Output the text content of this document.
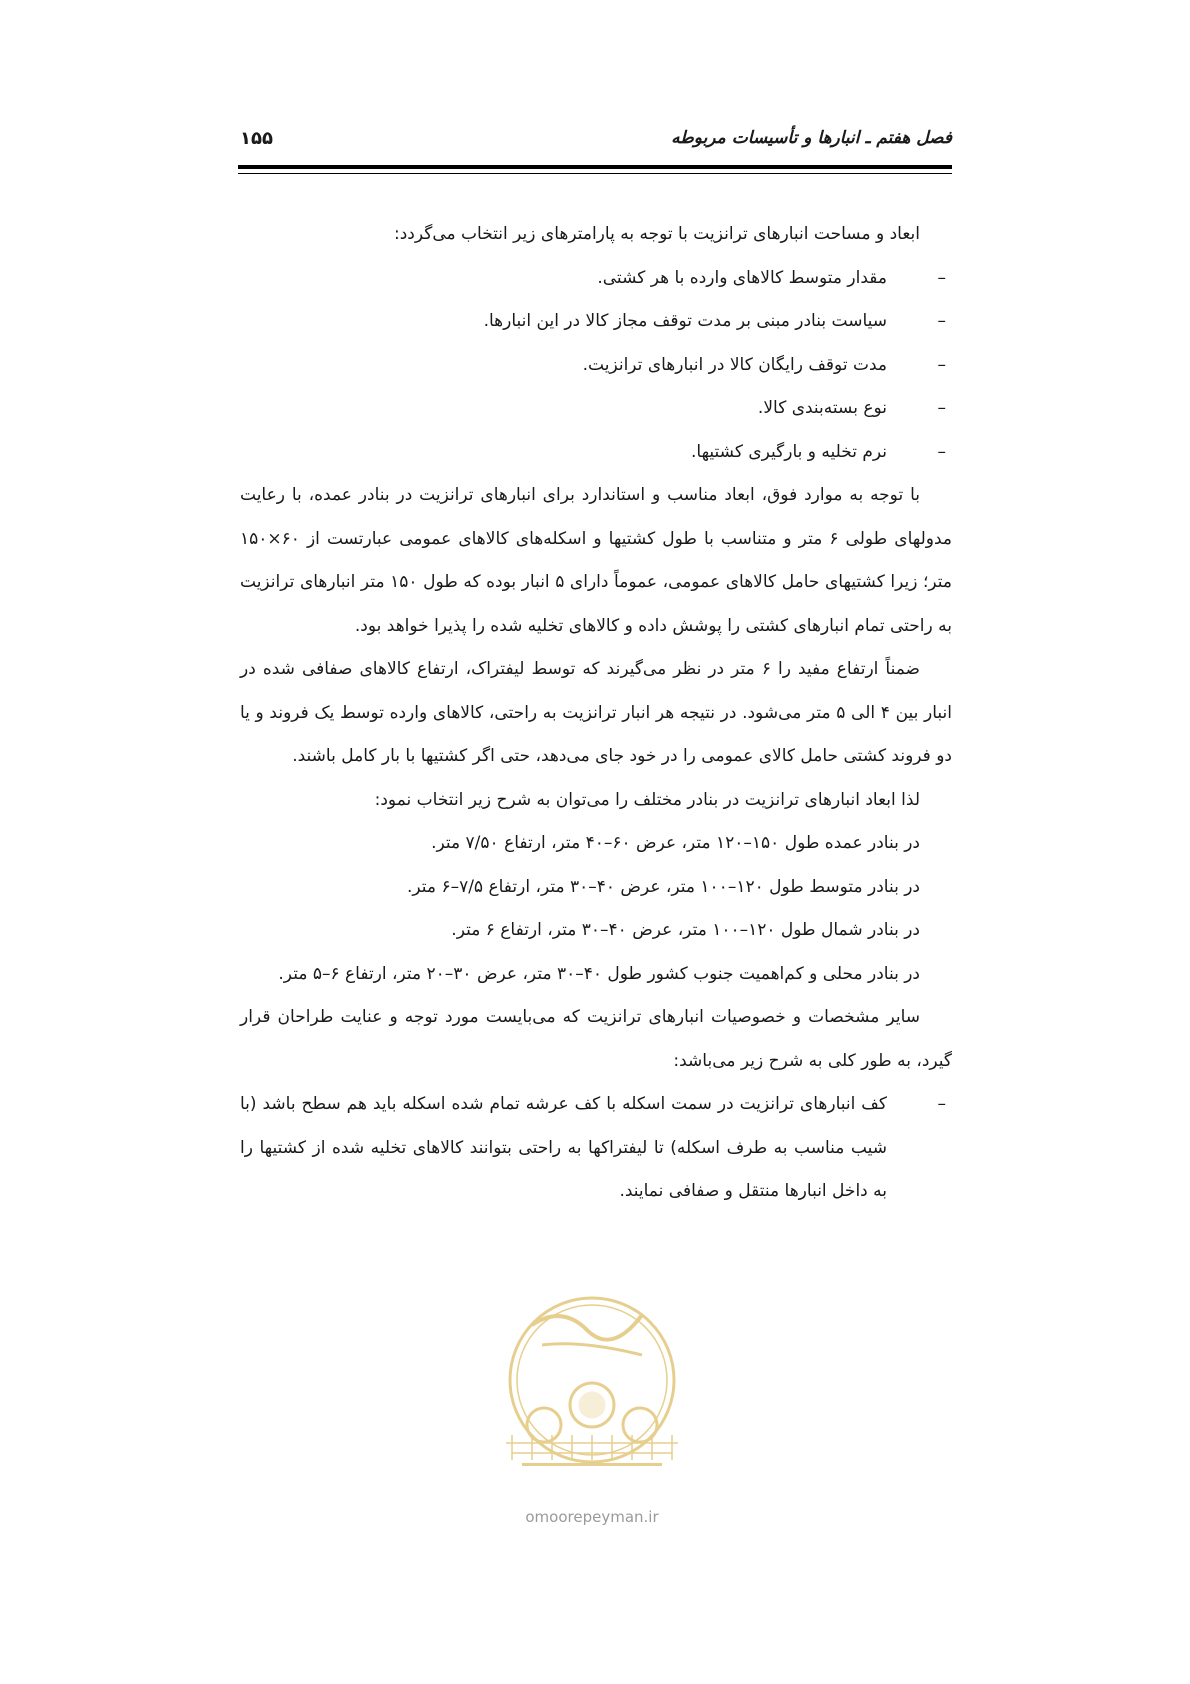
فصل هفتم ـ انبارها و تأسیسات مربوطه
۱۵۵

ابعاد و مساحت انبارهای ترانزیت با توجه به پارامترهای زیر انتخاب می‌گردد:

–
مقدار متوسط کالاهای وارده با هر کشتی.
–
سیاست بنادر مبنی بر مدت توقف مجاز کالا در این انبارها.
–
مدت توقف رایگان کالا در انبارهای ترانزیت.
–
نوع بسته‌بندی کالا.
–
نرم تخلیه و بارگیری کشتیها.

با توجه به موارد فوق، ابعاد مناسب و استاندارد برای انبارهای ترانزیت در بنادر عمده، با رعایت مدولهای طولی ۶ متر و متناسب با طول کشتیها و اسکله‌های کالاهای عمومی عبارتست از ۶۰×۱۵۰ متر؛ زیرا کشتیهای حامل کالاهای عمومی، عموماً دارای ۵ انبار بوده که طول ۱۵۰ متر انبارهای ترانزیت به راحتی تمام انبارهای کشتی را پوشش داده و کالاهای تخلیه شده را پذیرا خواهد بود.

ضمناً ارتفاع مفید را ۶ متر در نظر می‌گیرند که توسط لیفتراک، ارتفاع کالاهای صفافی شده در انبار بین ۴ الی ۵ متر می‌شود. در نتیجه هر انبار ترانزیت به راحتی، کالاهای وارده توسط یک فروند و یا دو فروند کشتی حامل کالای عمومی را در خود جای می‌دهد، حتی اگر کشتیها با بار کامل باشند.

لذا ابعاد انبارهای ترانزیت در بنادر مختلف را می‌توان به شرح زیر انتخاب نمود:

در بنادر عمده طول ۱۵۰–۱۲۰ متر، عرض ۶۰–۴۰ متر، ارتفاع ۷/۵۰ متر.

در بنادر متوسط طول ۱۲۰–۱۰۰ متر، عرض ۴۰–۳۰ متر، ارتفاع ۷/۵–۶ متر.

در بنادر شمال طول ۱۲۰–۱۰۰ متر، عرض ۴۰–۳۰ متر، ارتفاع ۶ متر.

در بنادر محلی و کم‌اهمیت جنوب کشور طول ۴۰–۳۰ متر، عرض ۳۰–۲۰ متر، ارتفاع ۶–۵ متر.

سایر مشخصات و خصوصیات انبارهای ترانزیت که می‌بایست مورد توجه و عنایت طراحان قرار گیرد، به طور کلی به شرح زیر می‌باشد:

–
کف انبارهای ترانزیت در سمت اسکله با کف عرشه تمام شده اسکله باید هم سطح باشد (با شیب مناسب به طرف اسکله) تا لیفتراکها به راحتی بتوانند کالاهای تخلیه شده از کشتیها را به داخل انبارها منتقل و صفافی نمایند.
omoorepeyman.ir
